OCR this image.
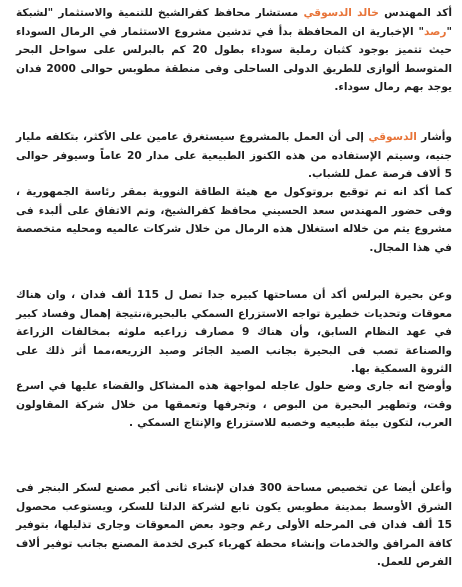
أكد المهندس خالد الدسوقي مستشار محافظ كفرالشيخ للتنمية والاستثمار "لشبكة "رصد" الإخبارية ان المحافظة بدأ في تدشين مشروع الاستثمار في الرمال السوداء حيث تتميز بوجود كثبان رملية سوداء بطول 20 كم بالبرلس على سواحل البحر المتوسط ألوازى للطريق الدولى الساحلى وفى منطقة مطوبس حوالى 2000 فدان يوجد بهم رمال سوداء.

وأشار الدسوقي إلى أن العمل بالمشروع سيستغرق عامين على الأكثر، بتكلفه مليار جنيه، وسيتم الإستفاده من هذه الكنوز الطبيعية على مدار 20 عاماً وسيوفر حوالى 5 ألاف فرصة عمل للشباب.

كما أكد انه تم توقيع بروتوكول مع هيئة الطاقة النووية بمقر رئاسة الجمهورية ، وفى حضور المهندس سعد الحسيني محافظ كفرالشيخ، وتم الاتفاق على ألبدء فى مشروع يتم من خلاله استغلال هذه الرمال من خلال شركات عالميه ومحليه متخصصة في هذا المجال.

وعن بحيرة البرلس أكد أن مساحتها كبيره جدا تصل ل 115 ألف فدان ، وان هناك معوقات وتحديات خطيرة تواجه الاستزراع السمكي بالبحيرة،نتيجة إهمال وفساد كبير في عهد النظام السابق، وأن هناك 9 مصارف زراعيه ملوثه بمخالفات الزراعة والصناعة تصب فى البحيرة بجانب الصيد الجائر وصيد الزريعه،مما أثر ذلك على الثروة السمكية بها.

وأوضح انه جارى وضع حلول عاجله لمواجهة هذه المشاكل والقضاء عليها في اسرع وقت، وتطهير البحيرة من البوص ، وتجرفها وتعمقها من خلال شركة المقاولون العرب، لتكون بيئة طبيعيه وخصبه للاستزراع والإنتاج السمكي .

وأعلن أيضا عن تخصيص مساحة 300 فدان لإنشاء ثانى أكبر مصنع لسكر البنجر فى الشرق الأوسط بمدينة مطوبس يكون تابع لشركة الدلتا للسكر، ويستوعب محصول 15 ألف فدان فى المرحله الأولى رغم وجود بعض المعوقات وجارى تذليلها، بتوفير كافة المرافق والخدمات وإنشاء محطة كهرباء كبرى لخدمة المصنع بجانب توفير ألاف الفرص للعمل.
